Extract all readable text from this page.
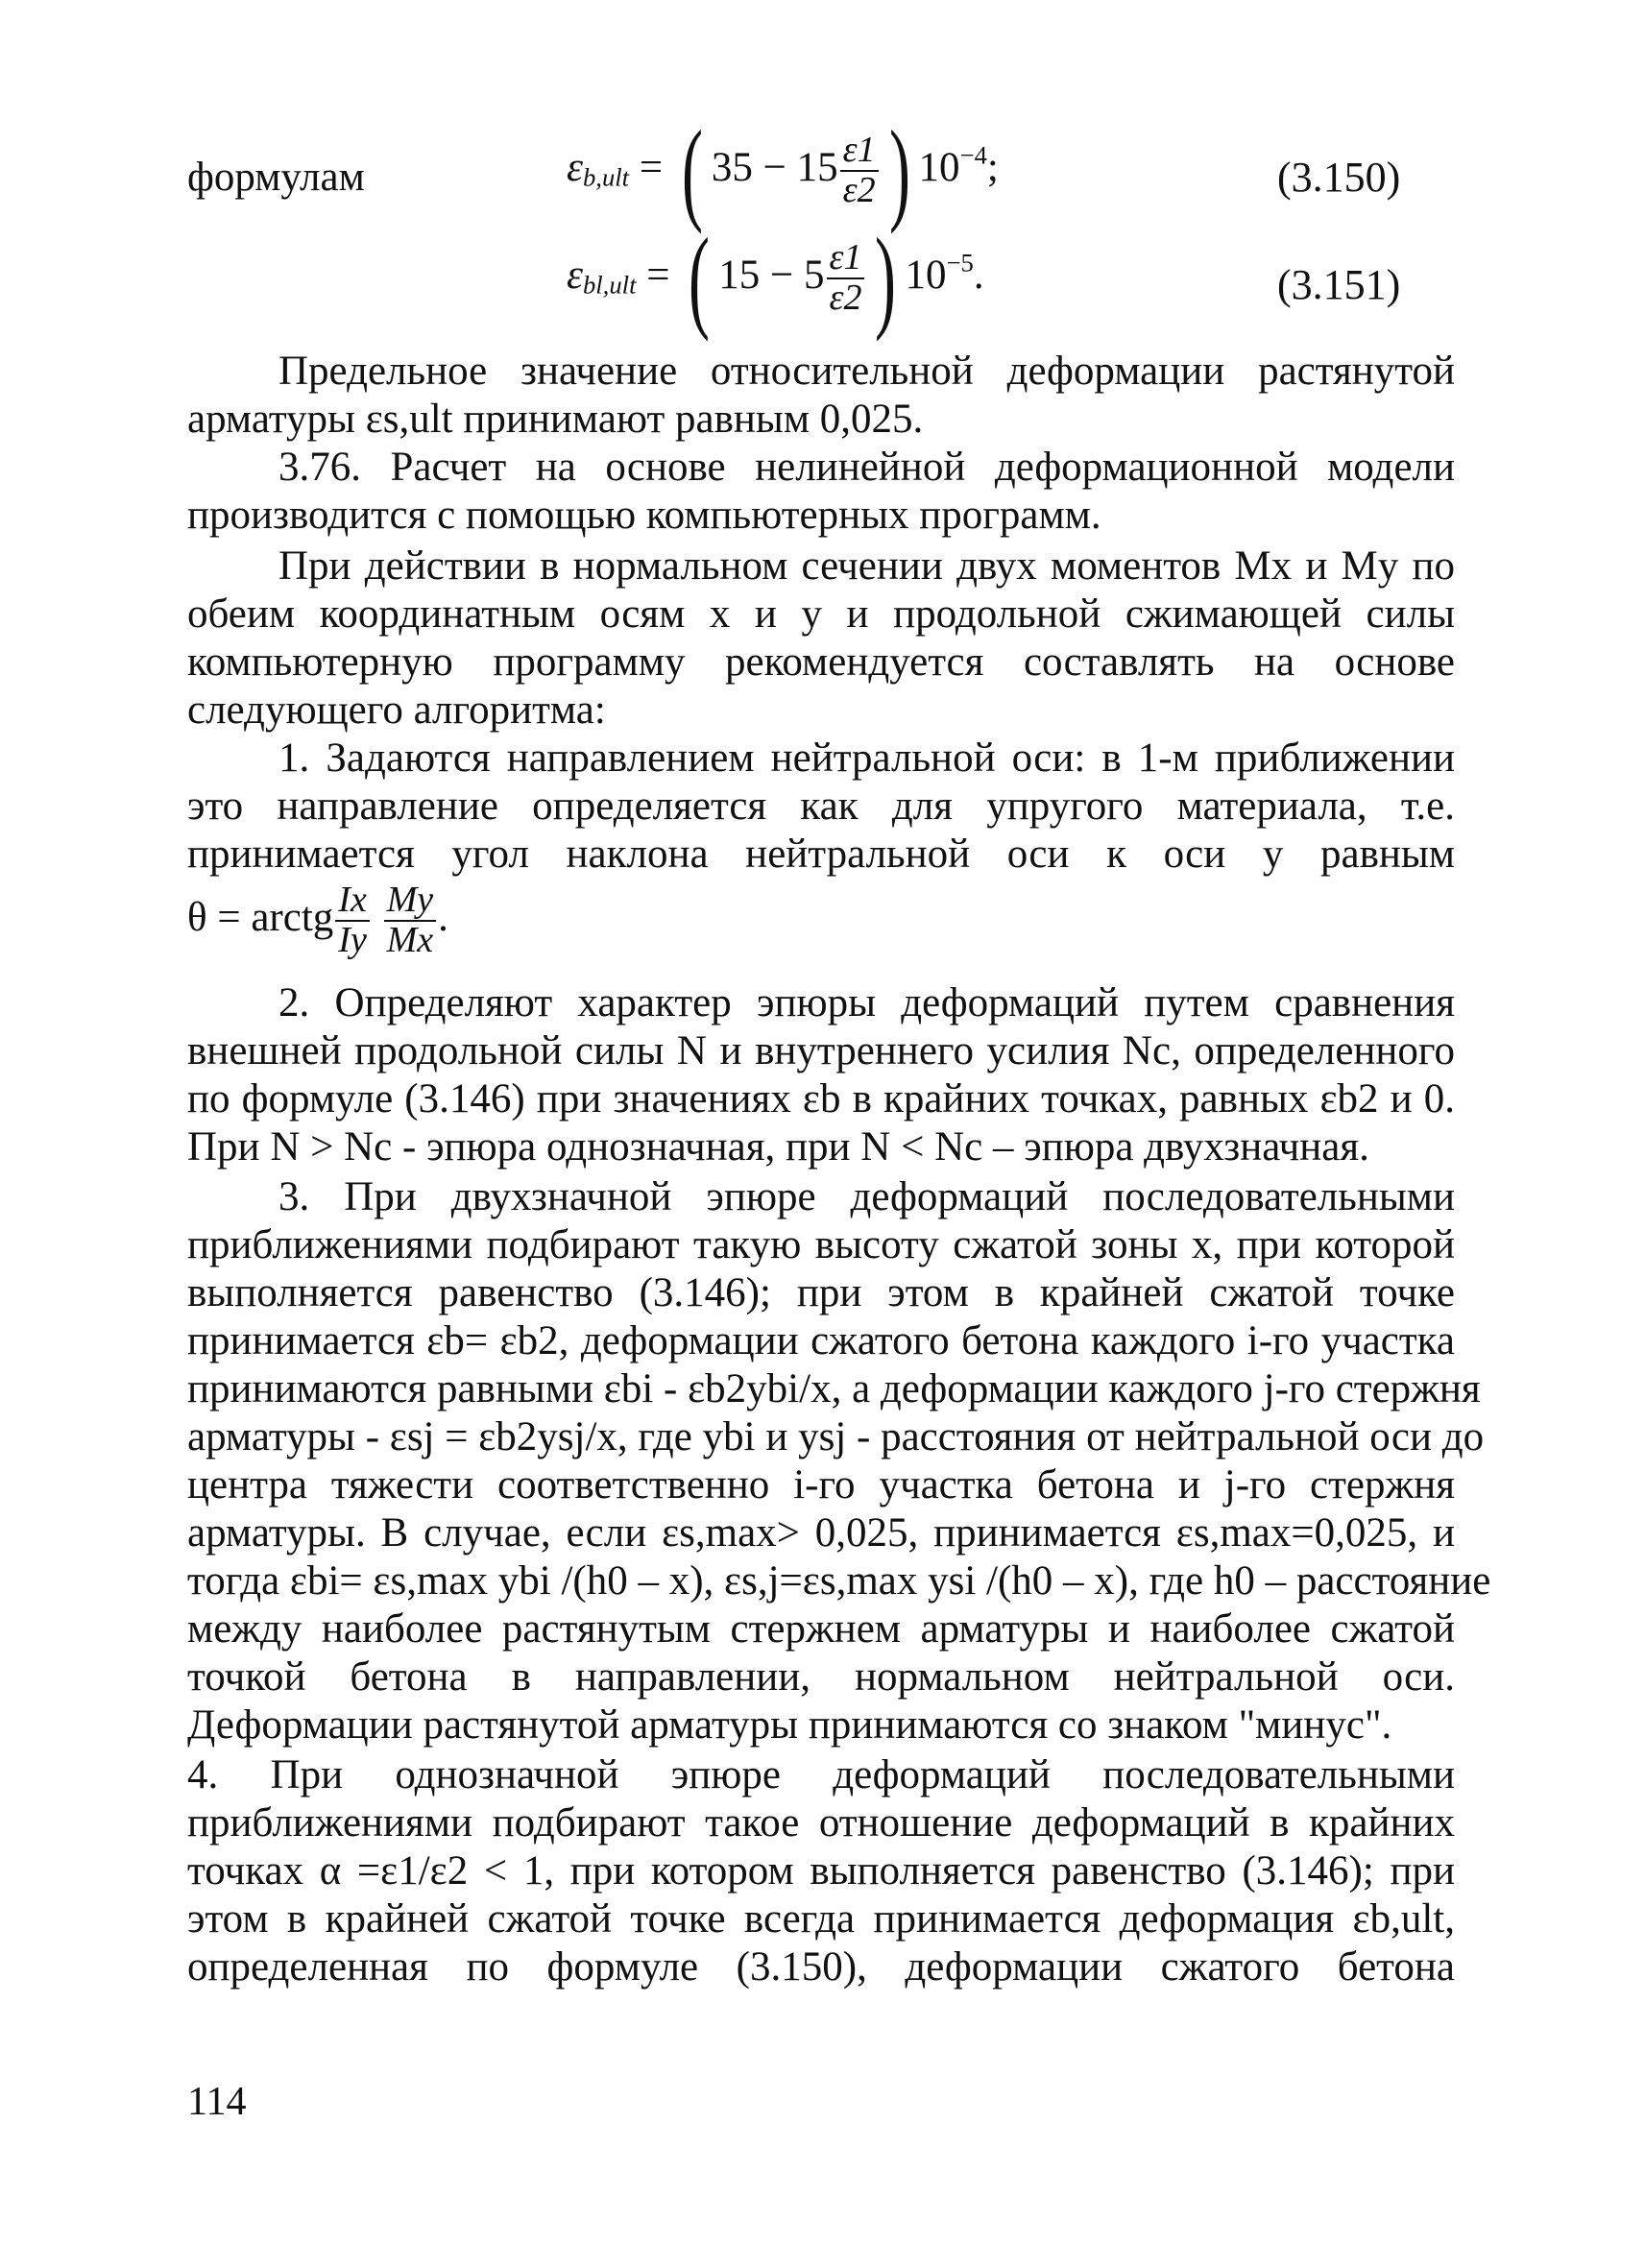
формулам	$\varepsilon_{b,ult}$ = ( $35 - 15 \frac{\varepsilon 1}{\varepsilon 2}$ ) $10^{-4}$;	(3.150)
$\varepsilon_{bl,ult}$ = ( $15 - 5 \frac{\varepsilon 1}{\varepsilon 2}$ ) $10^{-5}$.	(3.151)
Предельное значение относительной деформации растянутой
арматуры εs,ult принимают равным 0,025.
3.76. Расчет на основе нелинейной деформационной модели
производится с помощью компьютерных программ.
При действии в нормальном сечении двух моментов Mx и My по
обеим координатным осям x и y и продольной сжимающей силы
компьютерную программу рекомендуется составлять на основе
следующего алгоритма:
1. Задаются направлением нейтральной оси: в 1-м приближении
это направление определяется как для упругого материала, т.е.
принимается угол наклона нейтральной оси к оси y равным
θ = arctg $\frac{Ix}{Iy}$
$\frac{My}{Mx}$ .
2. Определяют характер эпюры деформаций путем сравнения
внешней продольной силы N и внутреннего усилия Nc, определенного
по формуле (3.146) при значениях εb в крайних точках, равных εb2 и 0.
При N > Nc - эпюра однозначная, при N < Nc – эпюра двухзначная.
3. При двухзначной эпюре деформаций последовательными
приближениями подбирают такую высоту сжатой зоны x, при которой
выполняется равенство (3.146); при этом в крайней сжатой точке
принимается εb= εb2, деформации сжатого бетона каждого i-го участка
принимаются равными εbi - εb2ybi/x, а деформации каждого j-го стержня
арматуры - εsj = εb2ysj/x, где ybi и ysj - расстояния от нейтральной оси до
центра тяжести соответственно i-го участка бетона и j-го стержня
арматуры. В случае, если εs,max> 0,025, принимается εs,max=0,025, и
тогда εbi= εs,max ybi /(h0 – x), εs,j=εs,max ysi /(h0 – x), где h0 – расстояние
между наиболее растянутым стержнем арматуры и наиболее сжатой
точкой бетона в направлении, нормальном нейтральной оси.
Деформации растянутой арматуры принимаются со знаком "минус".
4. При однозначной эпюре деформаций последовательными
приближениями подбирают такое отношение деформаций в крайних
точках α =ε1/ε2 < 1, при котором выполняется равенство (3.146); при
этом в крайней сжатой точке всегда принимается деформация εb,ult,
определенная по формуле (3.150), деформации сжатого бетона
114
